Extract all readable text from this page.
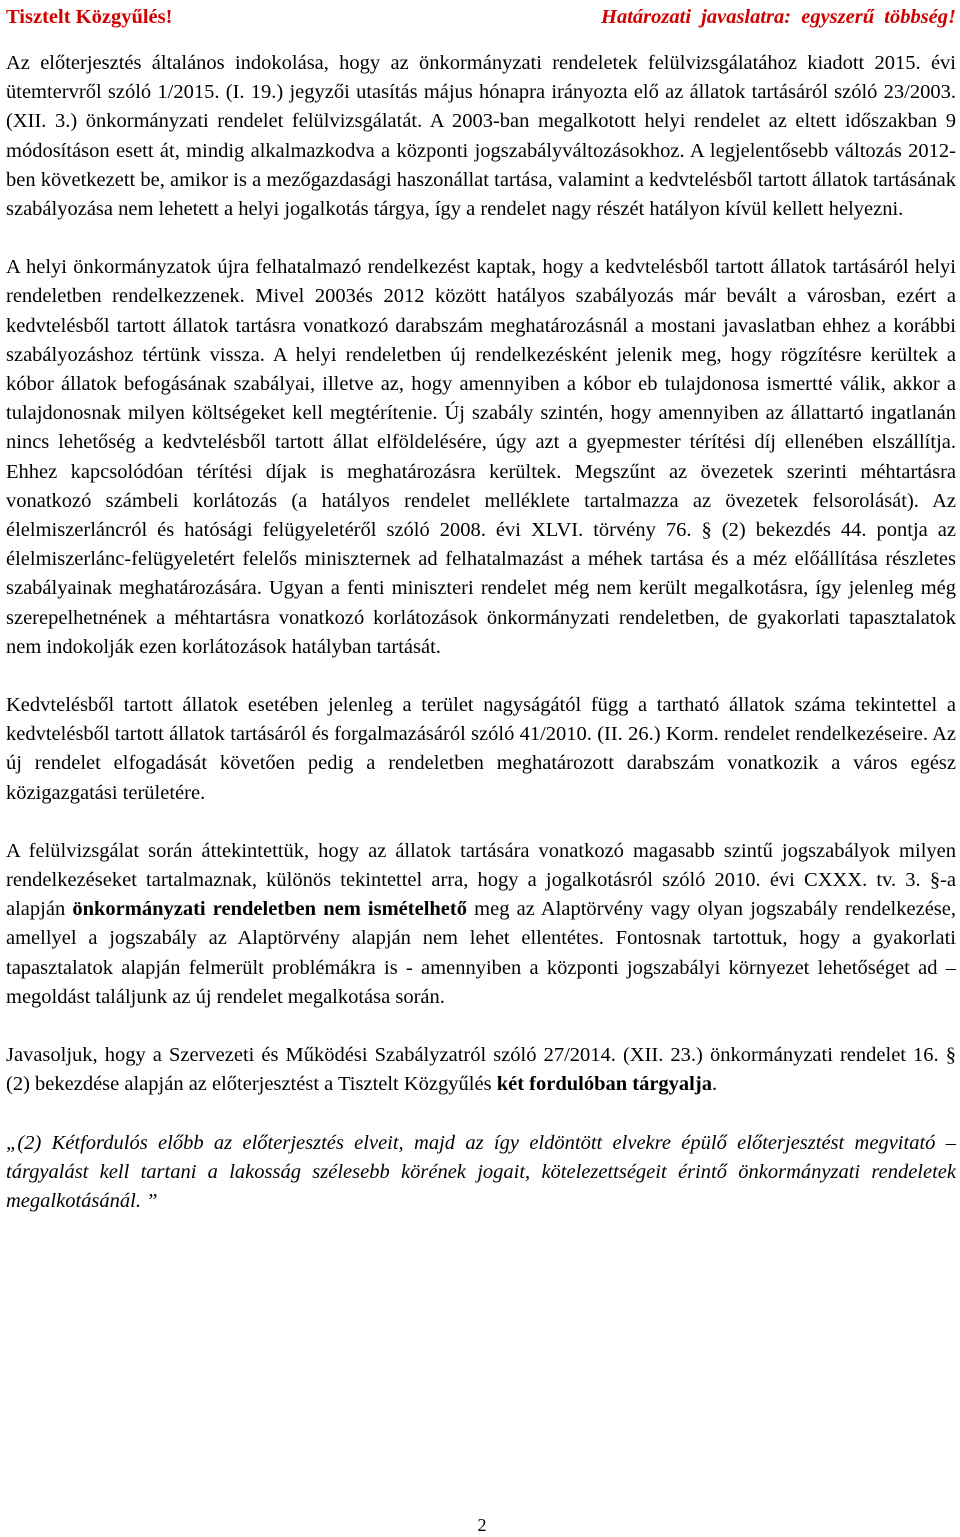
Tisztelt Közgyűlés!	Határozati javaslatra: egyszerű többség!

Az előterjesztés általános indokolása, hogy az önkormányzati rendeletek felülvizsgálatához kiadott 2015. évi ütemtervről szóló 1/2015. (I. 19.) jegyzői utasítás május hónapra irányozta elő az állatok tartásáról szóló 23/2003. (XII. 3.) önkormányzati rendelet felülvizsgálatát. A 2003-ban megalkotott helyi rendelet az eltett időszakban 9 módosításon esett át, mindig alkalmazkodva a központi jogszabályváltozásokhoz. A legjelentősebb változás 2012-ben következett be, amikor is a mezőgazdasági haszonállat tartása, valamint a kedvtelésből tartott állatok tartásának szabályozása nem lehetett a helyi jogalkotás tárgya, így a rendelet nagy részét hatályon kívül kellett helyezni.

A helyi önkormányzatok újra felhatalmazó rendelkezést kaptak, hogy a kedvtelésből tartott állatok tartásáról helyi rendeletben rendelkezzenek. Mivel 2003és 2012 között hatályos szabályozás már bevált a városban, ezért a kedvtelésből tartott állatok tartásra vonatkozó darabszám meghatározásnál a mostani javaslatban ehhez a korábbi szabályozáshoz tértünk vissza. A helyi rendeletben új rendelkezésként jelenik meg, hogy rögzítésre kerültek a kóbor állatok befogásának szabályai, illetve az, hogy amennyiben a kóbor eb tulajdonosa ismertté válik, akkor a tulajdonosnak milyen költségeket kell megtérítenie. Új szabály szintén, hogy amennyiben az állattartó ingatlanán nincs lehetőség a kedvtelésből tartott állat elföldelésére, úgy azt a gyepmester térítési díj ellenében elszállítja. Ehhez kapcsolódóan térítési díjak is meghatározásra kerültek. Megszűnt az övezetek szerinti méhtartásra vonatkozó számbeli korlátozás (a hatályos rendelet melléklete tartalmazza az övezetek felsorolását). Az élelmiszerláncról és hatósági felügyeletéről szóló 2008. évi XLVI. törvény 76. § (2) bekezdés 44. pontja az élelmiszerlánc-felügyeletért felelős miniszternek ad felhatalmazást a méhek tartása és a méz előállítása részletes szabályainak meghatározására. Ugyan a fenti miniszteri rendelet még nem került megalkotásra, így jelenleg még szerepelhetnének a méhtartásra vonatkozó korlátozások önkormányzati rendeletben, de gyakorlati tapasztalatok nem indokolják ezen korlátozások hatályban tartását.

Kedvtelésből tartott állatok esetében jelenleg a terület nagyságától függ a tartható állatok száma tekintettel a kedvtelésből tartott állatok tartásáról és forgalmazásáról szóló 41/2010. (II. 26.) Korm. rendelet rendelkezéseire. Az új rendelet elfogadását követően pedig a rendeletben meghatározott darabszám vonatkozik a város egész közigazgatási területére.

A felülvizsgálat során áttekintettük, hogy az állatok tartására vonatkozó magasabb szintű jogszabályok milyen rendelkezéseket tartalmaznak, különös tekintettel arra, hogy a jogalkotásról szóló 2010. évi CXXX. tv. 3. §-a alapján önkormányzati rendeletben nem ismételhető meg az Alaptörvény vagy olyan jogszabály rendelkezése, amellyel a jogszabály az Alaptörvény alapján nem lehet ellentétes. Fontosnak tartottuk, hogy a gyakorlati tapasztalatok alapján felmerült problémákra is - amennyiben a központi jogszabályi környezet lehetőséget ad – megoldást találjunk az új rendelet megalkotása során.

Javasoljuk, hogy a Szervezeti és Működési Szabályzatról szóló 27/2014. (XII. 23.) önkormányzati rendelet 16. § (2) bekezdése alapján az előterjesztést a Tisztelt Közgyűlés két fordulóban tárgyalja.

„(2) Kétfordulós előbb az előterjesztés elveit, majd az így eldöntött elvekre épülő előterjesztést megvitató – tárgyalást kell tartani a lakosság szélesebb körének jogait, kötelezettségeit érintő önkormányzati rendeletek megalkotásánál. ”

2
